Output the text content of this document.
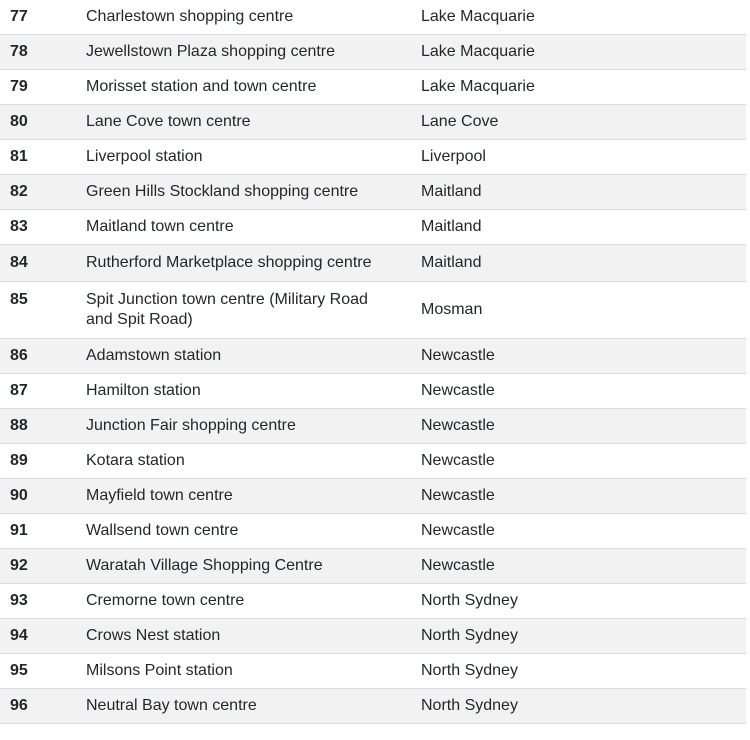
77	Charlestown shopping centre	Lake Macquarie
78	Jewellstown Plaza shopping centre	Lake Macquarie
79	Morisset station and town centre	Lake Macquarie
80	Lane Cove town centre	Lane Cove
81	Liverpool station	Liverpool
82	Green Hills Stockland shopping centre	Maitland
83	Maitland town centre	Maitland
84	Rutherford Marketplace shopping centre	Maitland
85	Spit Junction town centre (Military Road and Spit Road)	Mosman
86	Adamstown station	Newcastle
87	Hamilton station	Newcastle
88	Junction Fair shopping centre	Newcastle
89	Kotara station	Newcastle
90	Mayfield town centre	Newcastle
91	Wallsend town centre	Newcastle
92	Waratah Village Shopping Centre	Newcastle
93	Cremorne town centre	North Sydney
94	Crows Nest station	North Sydney
95	Milsons Point station	North Sydney
96	Neutral Bay town centre	North Sydney
